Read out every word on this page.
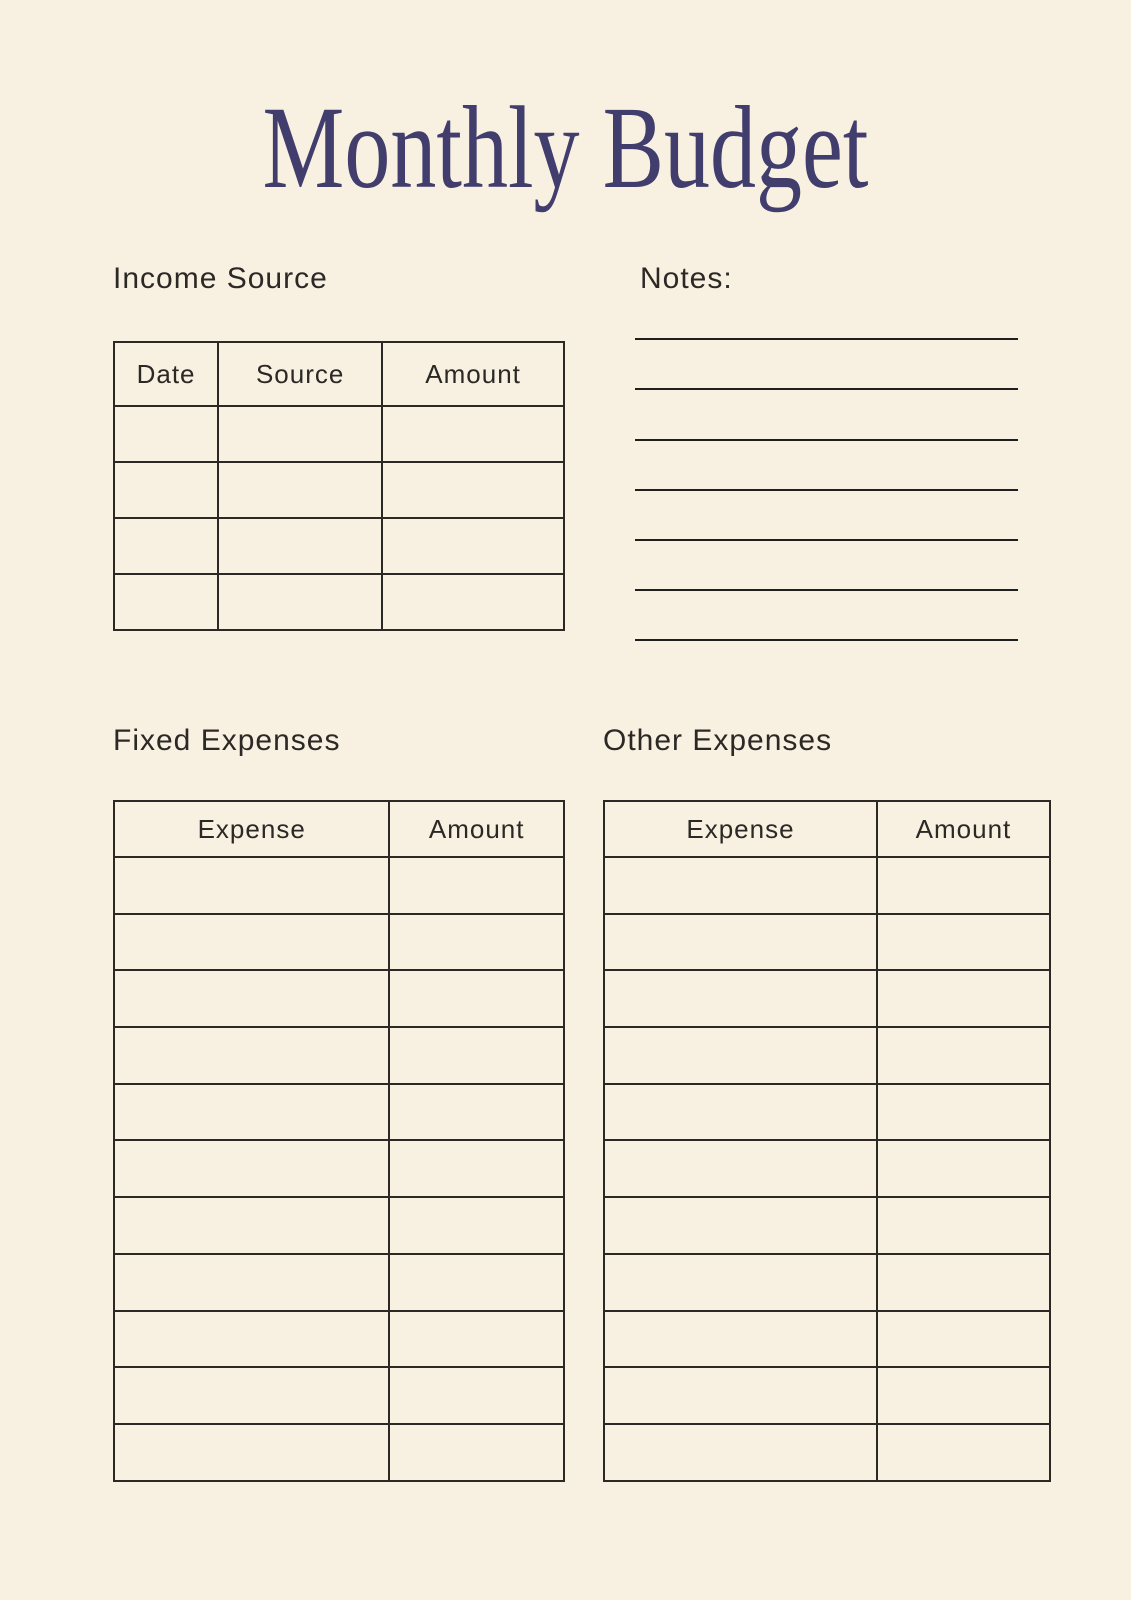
Monthly Budget
Income Source
Date	Source	Amount

Notes:
Fixed Expenses
Expense	Amount

Other Expenses
Expense	Amount
